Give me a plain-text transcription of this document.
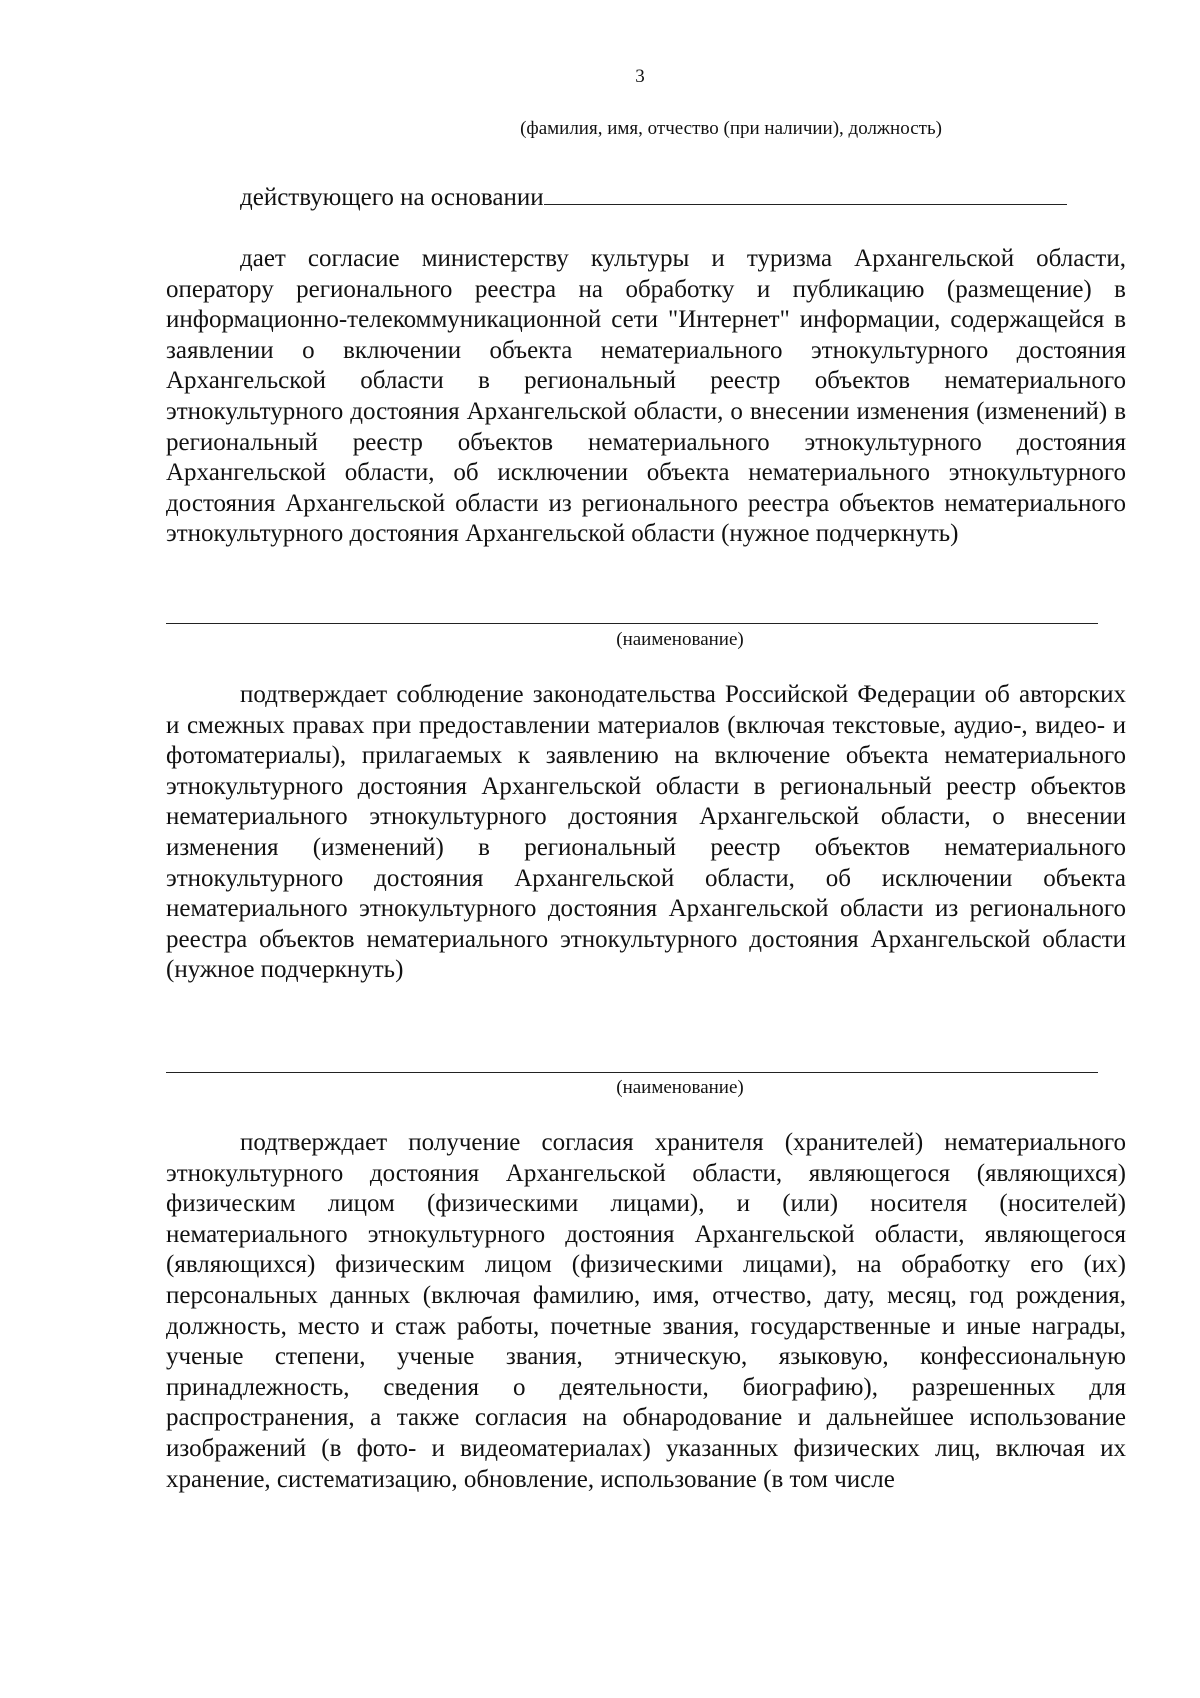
3
(фамилия, имя, отчество (при наличии), должность)
действующего на основании

дает согласие министерству культуры и туризма Архангельской области, оператору регионального реестра на обработку и публикацию (размещение) в информационно-телекоммуникационной сети "Интернет" информации, содержащейся в заявлении о включении объекта нематериального этнокультурного достояния Архангельской области в региональный реестр объектов нематериального этнокультурного достояния Архангельской области, о внесении изменения (изменений) в региональный реестр объектов нематериального этнокультурного достояния Архангельской области, об исключении объекта нематериального этнокультурного достояния Архангельской области из регионального реестра объектов нематериального этнокультурного достояния Архангельской области (нужное подчеркнуть)

(наименование)

подтверждает соблюдение законодательства Российской Федерации об авторских и смежных правах при предоставлении материалов (включая текстовые, аудио-, видео- и фотоматериалы), прилагаемых к заявлению на включение объекта нематериального этнокультурного достояния Архангельской области в региональный реестр объектов нематериального этнокультурного достояния Архангельской области, о внесении изменения (изменений) в региональный реестр объектов нематериального этнокультурного достояния Архангельской области, об исключении объекта нематериального этнокультурного достояния Архангельской области из регионального реестра объектов нематериального этнокультурного достояния Архангельской области (нужное подчеркнуть)

(наименование)

подтверждает получение согласия хранителя (хранителей) нематериального этнокультурного достояния Архангельской области, являющегося (являющихся) физическим лицом (физическими лицами), и (или) носителя (носителей) нематериального этнокультурного достояния Архангельской области, являющегося (являющихся) физическим лицом (физическими лицами), на обработку его (их) персональных данных (включая фамилию, имя, отчество, дату, месяц, год рождения, должность, место и стаж работы, почетные звания, государственные и иные награды, ученые степени, ученые звания, этническую, языковую, конфессиональную принадлежность, сведения о деятельности, биографию), разрешенных для распространения, а также согласия на обнародование и дальнейшее использование изображений (в фото- и видеоматериалах) указанных физических лиц, включая их хранение, систематизацию, обновление, использование (в том числе
